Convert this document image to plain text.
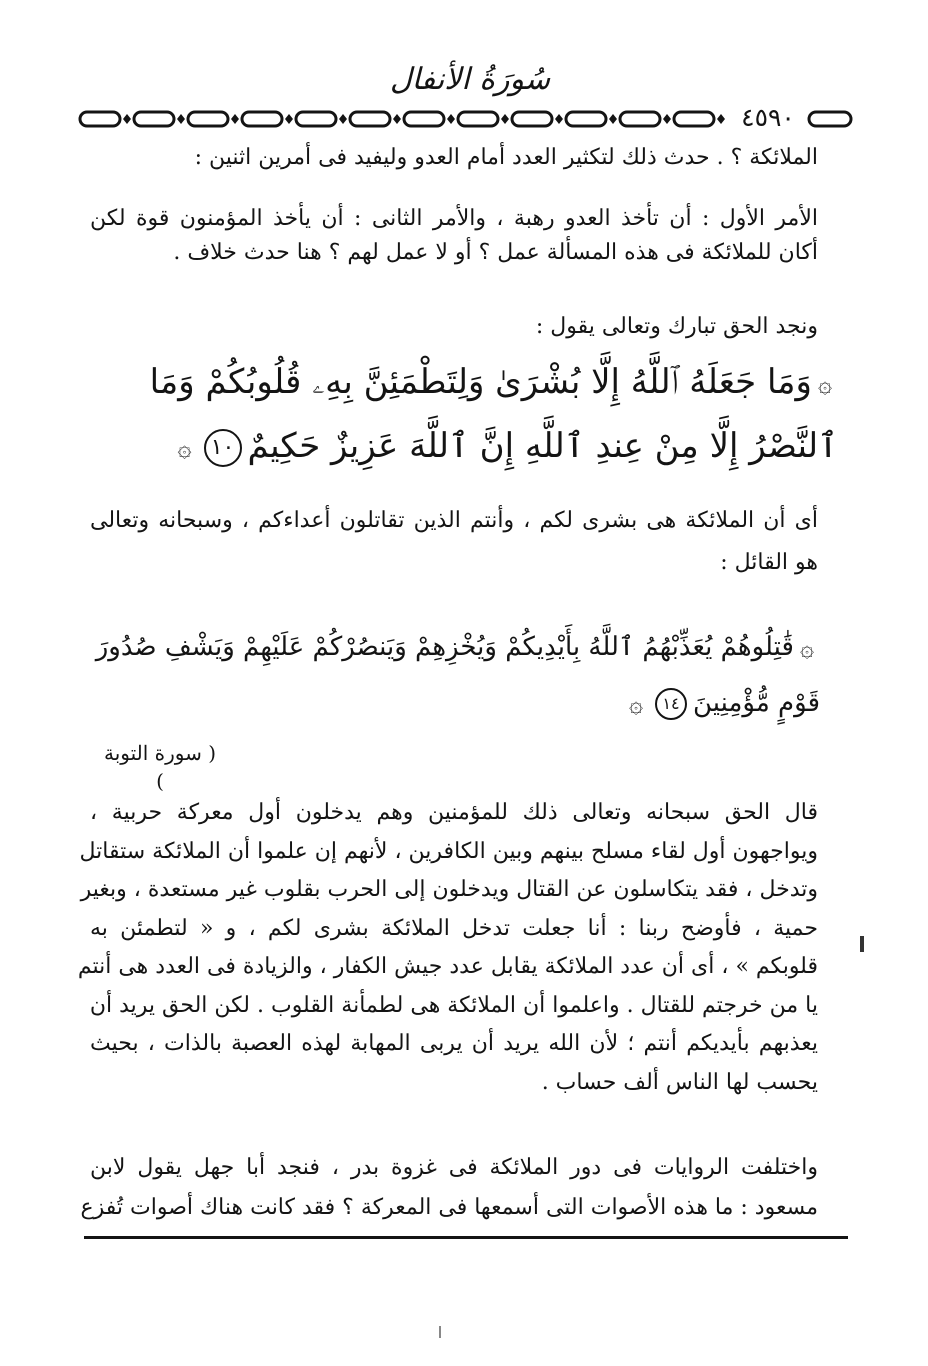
سُورَةُ الأنفال
٤٥٩٠

الملائكة ؟ . حدث ذلك لتكثير العدد أمام العدو وليفيد فى أمرين اثنين :

الأمر الأول : أن تأخذ العدو رهبة ، والأمر الثانى : أن يأخذ المؤمنون قوة لكن

أكان للملائكة فى هذه المسألة عمل ؟ أو لا عمل لهم ؟ هنا حدث خلاف .

ونجد الحق تبارك وتعالى يقول :

۞وَمَا جَعَلَهُ ٱللَّهُ إِلَّا بُشْرَىٰ وَلِتَطْمَئِنَّ بِهِۦ قُلُوبُكُمْ وَمَا
ٱلنَّصْرُ إِلَّا مِنْ عِندِ ٱللَّهِ إِنَّ ٱللَّهَ عَزِيزٌ حَكِيمٌ١٠۞

أى أن الملائكة هى بشرى لكم ، وأنتم الذين تقاتلون أعداءكم ، وسبحانه وتعالى

هو القائل :

۞قَٰتِلُوهُمْ يُعَذِّبْهُمُ ٱللَّهُ بِأَيْدِيكُمْ وَيُخْزِهِمْ وَيَنصُرْكُمْ عَلَيْهِمْ وَيَشْفِ صُدُورَ
قَوْمٍ مُّؤْمِنِينَ١٤۞
( سورة التوبة )

قال الحق سبحانه وتعالى ذلك للمؤمنين وهم يدخلون أول معركة حربية ،

ويواجهون أول لقاء مسلح بينهم وبين الكافرين ، لأنهم إن علموا أن الملائكة ستقاتل

وتدخل ، فقد يتكاسلون عن القتال ويدخلون إلى الحرب بقلوب غير مستعدة ، وبغير

حمية ، فأوضح ربنا : أنا جعلت تدخل الملائكة بشرى لكم ، و « لتطمئن به

قلوبكم » ، أى أن عدد الملائكة يقابل عدد جيش الكفار ، والزيادة فى العدد هى أنتم

يا من خرجتم للقتال . واعلموا أن الملائكة هى لطمأنة القلوب . لكن الحق يريد أن

يعذبهم بأيديكم أنتم ؛ لأن الله يريد أن يربى المهابة لهذه العصبة بالذات ، بحيث

يحسب لها الناس ألف حساب .

واختلفت الروايات فى دور الملائكة فى غزوة بدر ، فنجد أبا جهل يقول لابن

مسعود : ما هذه الأصوات التى أسمعها فى المعركة ؟ فقد كانت هناك أصوات تُفزع
